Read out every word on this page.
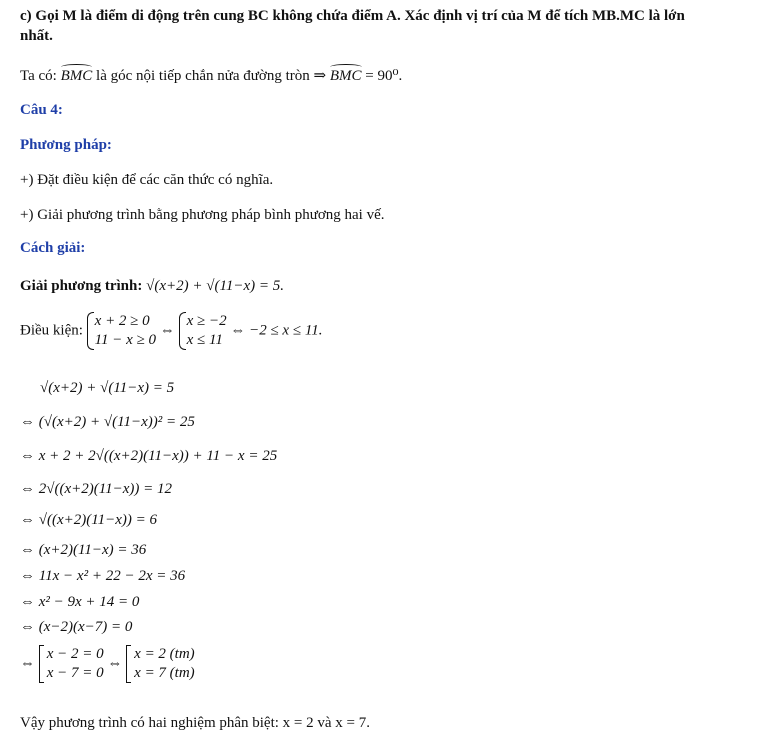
c) Gọi M là điểm di động trên cung BC không chứa điểm A. Xác định vị trí của M để tích MB.MC là lớn
nhất.
Ta có: BMC là góc nội tiếp chắn nửa đường tròn ⇒ BMC = 90⁰.
Câu 4:
Phương pháp:
+) Đặt điều kiện để các căn thức có nghĩa.
+) Giải phương trình bằng phương pháp bình phương hai vế.
Cách giải:
Giải phương trình: √(x+2) + √(11−x) = 5.
Điều kiện:
x + 2 ≥ 0
11 − x ≥ 0
⇔
x ≥ −2
x ≤ 11
⇔ −2 ≤ x ≤ 11.
√(x+2) + √(11−x) = 5
⇔ (√(x+2) + √(11−x))² = 25
⇔ x + 2 + 2√((x+2)(11−x)) + 11 − x = 25
⇔ 2√((x+2)(11−x)) = 12
⇔ √((x+2)(11−x)) = 6
⇔ (x+2)(11−x) = 36
⇔ 11x − x² + 22 − 2x = 36
⇔ x² − 9x + 14 = 0
⇔ (x−2)(x−7) = 0
⇔
x − 2 = 0
x − 7 = 0
⇔
x = 2 (tm)
x = 7 (tm)
Vậy phương trình có hai nghiệm phân biệt: x = 2 và x = 7.
